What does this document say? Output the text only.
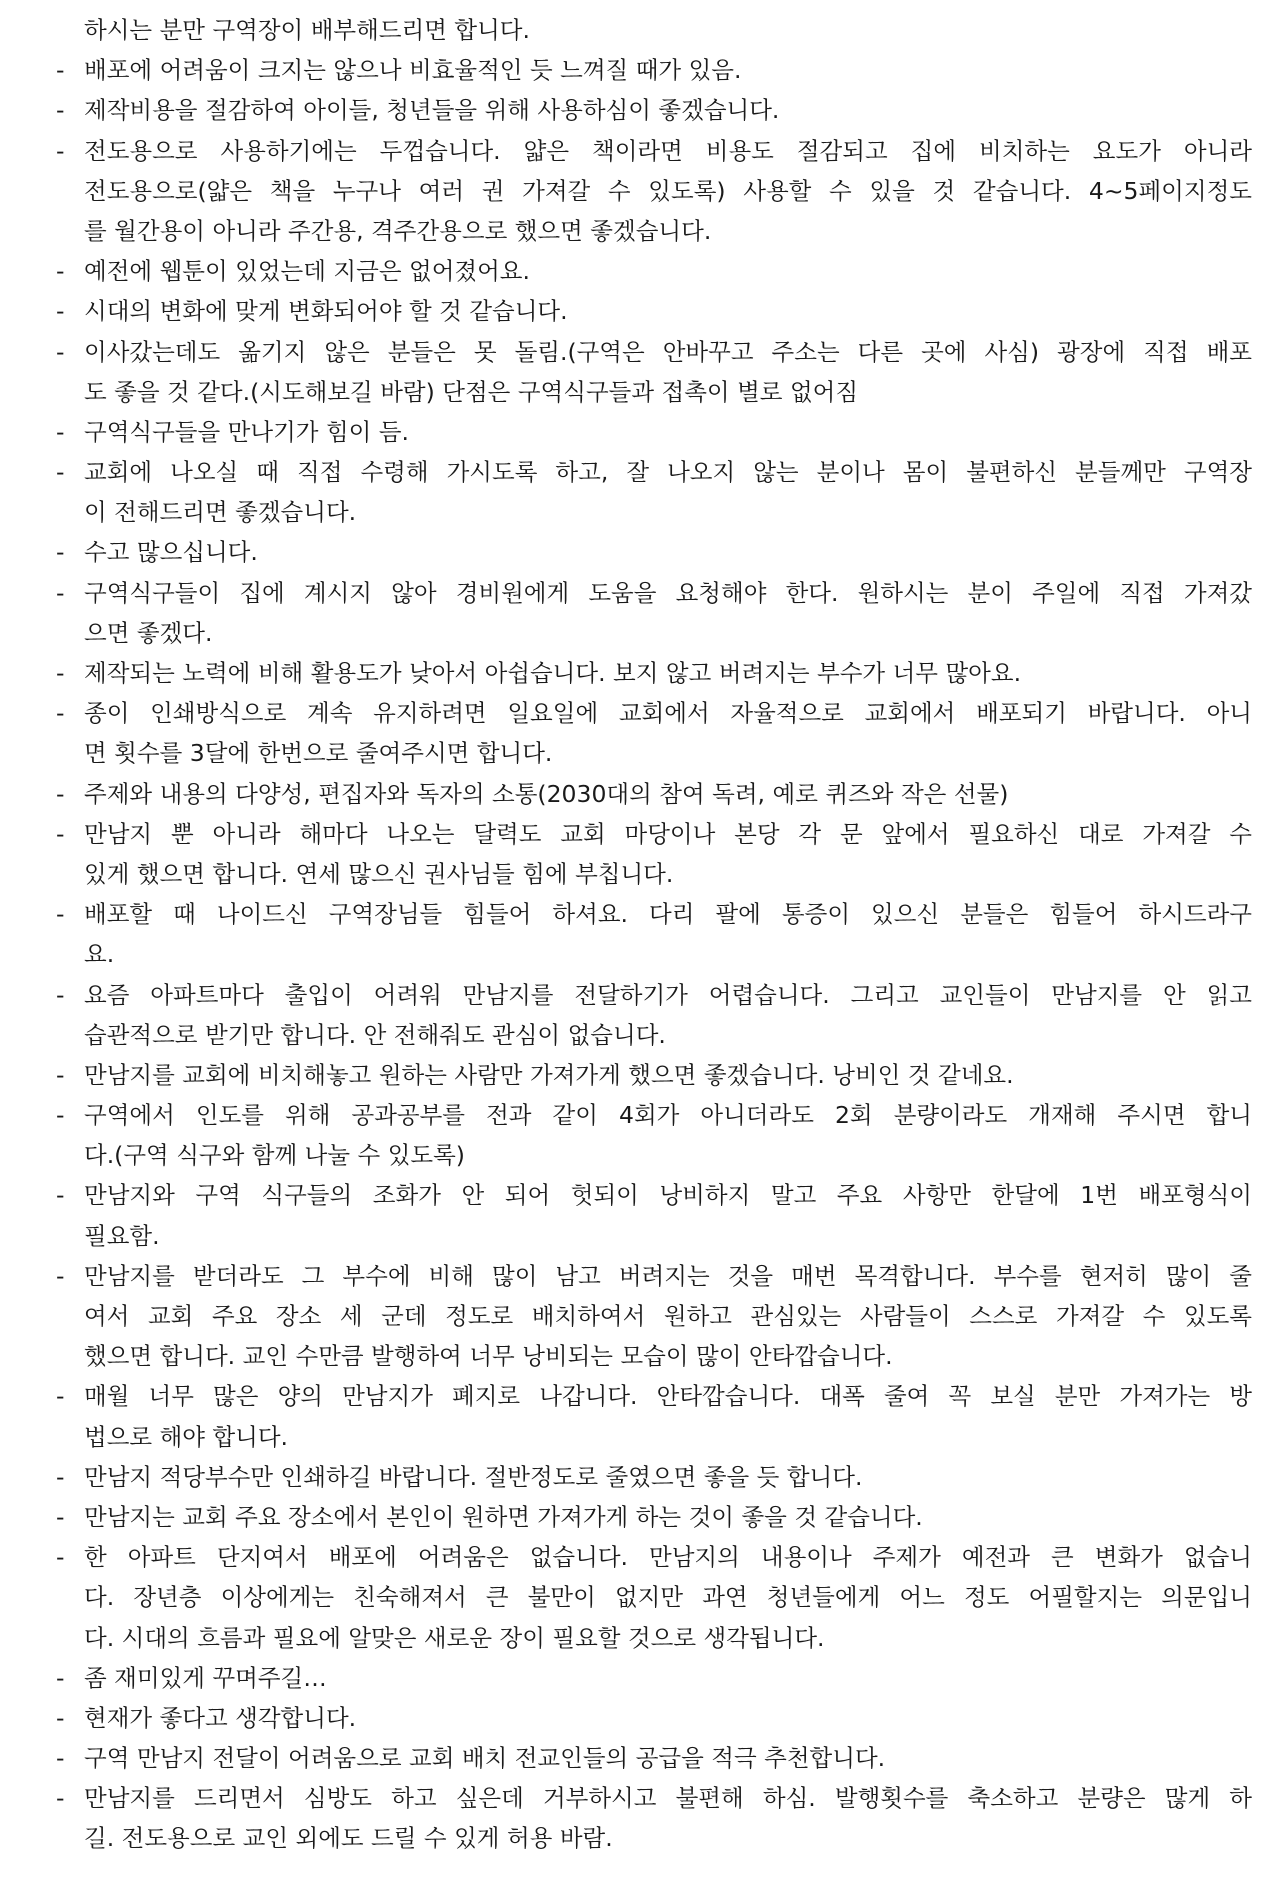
하시는 분만 구역장이 배부해드리면 합니다.
- 배포에 어려움이 크지는 않으나 비효율적인 듯 느껴질 때가 있음.
- 제작비용을 절감하여 아이들, 청년들을 위해 사용하심이 좋겠습니다.
- 전도용으로 사용하기에는 두껍습니다. 얇은 책이라면 비용도 절감되고 집에 비치하는 요도가 아니라
전도용으로(얇은 책을 누구나 여러 권 가져갈 수 있도록) 사용할 수 있을 것 같습니다. 4~5페이지정도
를 월간용이 아니라 주간용, 격주간용으로 했으면 좋겠습니다.
- 예전에 웹툰이 있었는데 지금은 없어졌어요.
- 시대의 변화에 맞게 변화되어야 할 것 같습니다.
- 이사갔는데도 옮기지 않은 분들은 못 돌림.(구역은 안바꾸고 주소는 다른 곳에 사심) 광장에 직접 배포
도 좋을 것 같다.(시도해보길 바람) 단점은 구역식구들과 접촉이 별로 없어짐
- 구역식구들을 만나기가 힘이 듬.
- 교회에 나오실 때 직접 수령해 가시도록 하고, 잘 나오지 않는 분이나 몸이 불편하신 분들께만 구역장
이 전해드리면 좋겠습니다.
- 수고 많으십니다.
- 구역식구들이 집에 계시지 않아 경비원에게 도움을 요청해야 한다. 원하시는 분이 주일에 직접 가져갔
으면 좋겠다.
- 제작되는 노력에 비해 활용도가 낮아서 아쉽습니다. 보지 않고 버려지는 부수가 너무 많아요.
- 종이 인쇄방식으로 계속 유지하려면 일요일에 교회에서 자율적으로 교회에서 배포되기 바랍니다. 아니
면 횟수를 3달에 한번으로 줄여주시면 합니다.
- 주제와 내용의 다양성, 편집자와 독자의 소통(2030대의 참여 독려, 예로 퀴즈와 작은 선물)
- 만남지 뿐 아니라 해마다 나오는 달력도 교회 마당이나 본당 각 문 앞에서 필요하신 대로 가져갈 수
있게 했으면 합니다. 연세 많으신 권사님들 힘에 부칩니다.
- 배포할 때 나이드신 구역장님들 힘들어 하셔요. 다리 팔에 통증이 있으신 분들은 힘들어 하시드라구
요.
- 요즘 아파트마다 출입이 어려워 만남지를 전달하기가 어렵습니다. 그리고 교인들이 만남지를 안 읽고
습관적으로 받기만 합니다. 안 전해줘도 관심이 없습니다.
- 만남지를 교회에 비치해놓고 원하는 사람만 가져가게 했으면 좋겠습니다. 낭비인 것 같네요.
- 구역에서 인도를 위해 공과공부를 전과 같이 4회가 아니더라도 2회 분량이라도 개재해 주시면 합니
다.(구역 식구와 함께 나눌 수 있도록)
- 만남지와 구역 식구들의 조화가 안 되어 헛되이 낭비하지 말고 주요 사항만 한달에 1번 배포형식이
필요함.
- 만남지를 받더라도 그 부수에 비해 많이 남고 버려지는 것을 매번 목격합니다. 부수를 현저히 많이 줄
여서 교회 주요 장소 세 군데 정도로 배치하여서 원하고 관심있는 사람들이 스스로 가져갈 수 있도록
했으면 합니다. 교인 수만큼 발행하여 너무 낭비되는 모습이 많이 안타깝습니다.
- 매월 너무 많은 양의 만남지가 폐지로 나갑니다. 안타깝습니다. 대폭 줄여 꼭 보실 분만 가져가는 방
법으로 해야 합니다.
- 만남지 적당부수만 인쇄하길 바랍니다. 절반정도로 줄였으면 좋을 듯 합니다.
- 만남지는 교회 주요 장소에서 본인이 원하면 가져가게 하는 것이 좋을 것 같습니다.
- 한 아파트 단지여서 배포에 어려움은 없습니다. 만남지의 내용이나 주제가 예전과 큰 변화가 없습니
다. 장년층 이상에게는 친숙해져서 큰 불만이 없지만 과연 청년들에게 어느 정도 어필할지는 의문입니
다. 시대의 흐름과 필요에 알맞은 새로운 장이 필요할 것으로 생각됩니다.
- 좀 재미있게 꾸며주길…
- 현재가 좋다고 생각합니다.
- 구역 만남지 전달이 어려움으로 교회 배치 전교인들의 공급을 적극 추천합니다.
- 만남지를 드리면서 심방도 하고 싶은데 거부하시고 불편해 하심. 발행횟수를 축소하고 분량은 많게 하
길. 전도용으로 교인 외에도 드릴 수 있게 허용 바람.
